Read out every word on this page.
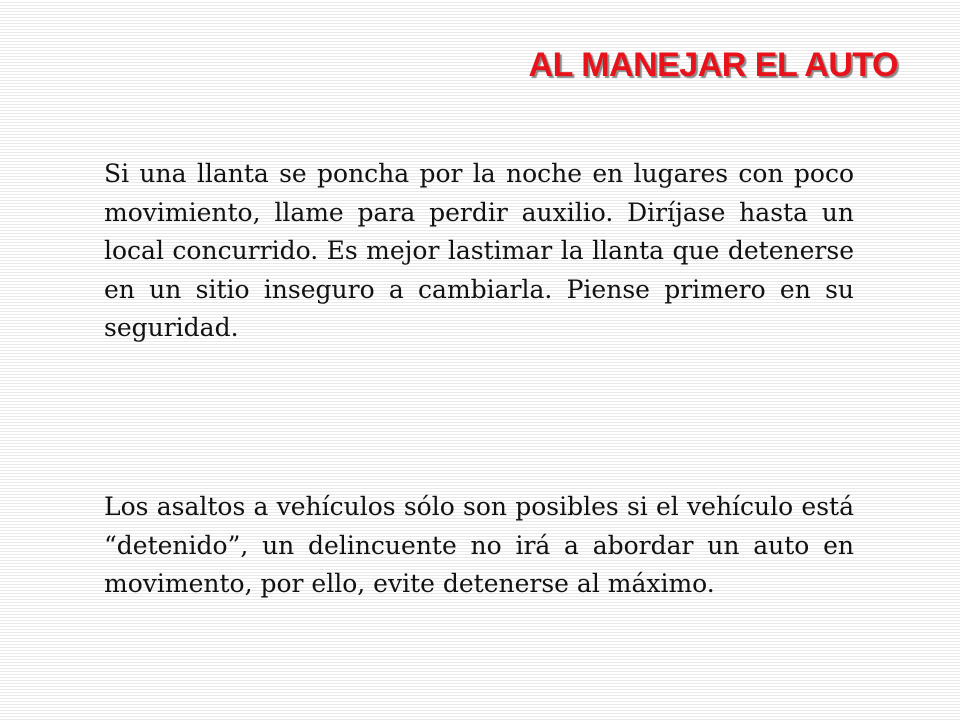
AL MANEJAR EL AUTO

Si una llanta se poncha por la noche en lugares con poco movimiento, llame para perdir auxilio. Diríjase hasta un local concurrido. Es mejor lastimar la llanta que detenerse en un sitio inseguro a cambiarla. Piense primero en su seguridad.

Los asaltos a vehículos sólo son posibles si el vehículo está “detenido”, un delincuente no irá a abordar un auto en movimento, por ello, evite detenerse al máximo.
